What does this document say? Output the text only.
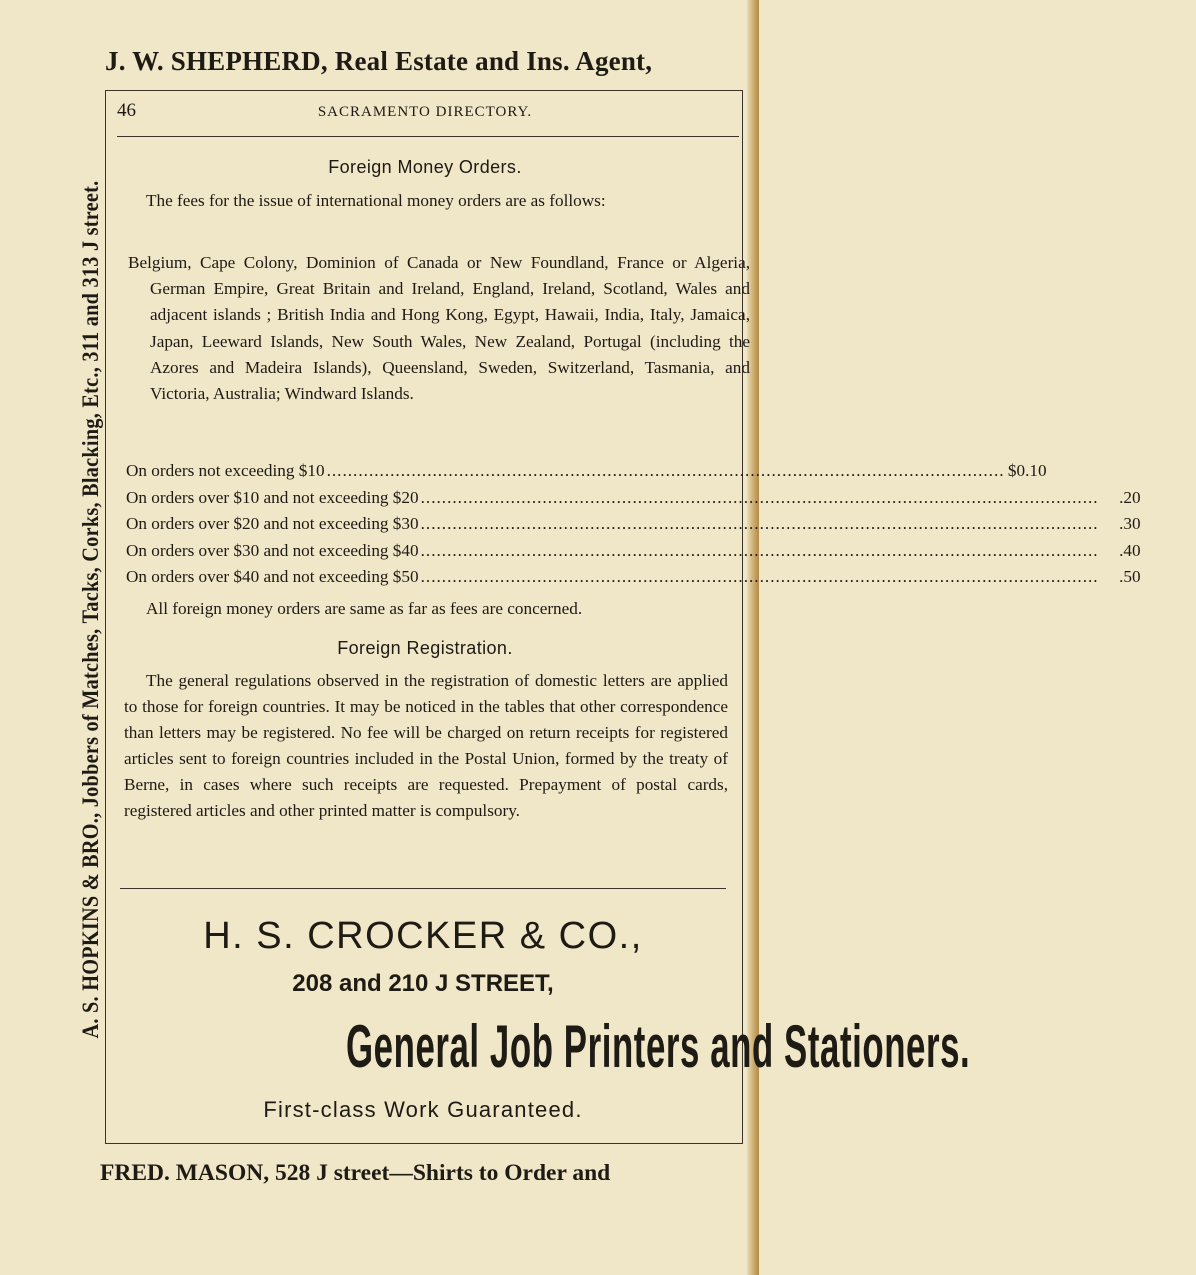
J. W. SHEPHERD, Real Estate and Ins. Agent,
A. S. HOPKINS & BRO., Jobbers of Matches, Tacks, Corks, Blacking, Etc., 311 and 313 J street.
46	SACRAMENTO DIRECTORY.
Foreign Money Orders.

The fees for the issue of international money orders are as follows:

Belgium, Cape Colony, Dominion of Canada or New Foundland, France or Algeria, German Empire, Great Britain and Ireland, England, Ireland, Scotland, Wales and adjacent islands ; British India and Hong Kong, Egypt, Hawaii, India, Italy, Jamaica, Japan, Leeward Islands, New South Wales, New Zealand, Portugal (including the Azores and Madeira Islands), Queensland, Sweden, Switzerland, Tasmania, and Victoria, Australia; Windward Islands.

On orders not exceeding $10 .....	$0.10
On orders over $10 and not exceeding $20 .....	.20
On orders over $20 and not exceeding $30 .....	.30
On orders over $30 and not exceeding $40 .....	.40
On orders over $40 and not exceeding $50 .....	.50

All foreign money orders are same as far as fees are concerned.

Foreign Registration.

The general regulations observed in the registration of domestic letters are applied to those for foreign countries. It may be noticed in the tables that other correspondence than letters may be registered. No fee will be charged on return receipts for registered articles sent to foreign countries included in the Postal Union, formed by the treaty of Berne, in cases where such receipts are requested. Prepayment of postal cards, registered articles and other printed matter is compulsory.

H. S. CROCKER & CO.,
208 and 210 J STREET,
General Job Printers and Stationers.
First-class Work Guaranteed.
FRED. MASON, 528 J street—Shirts to Order and
